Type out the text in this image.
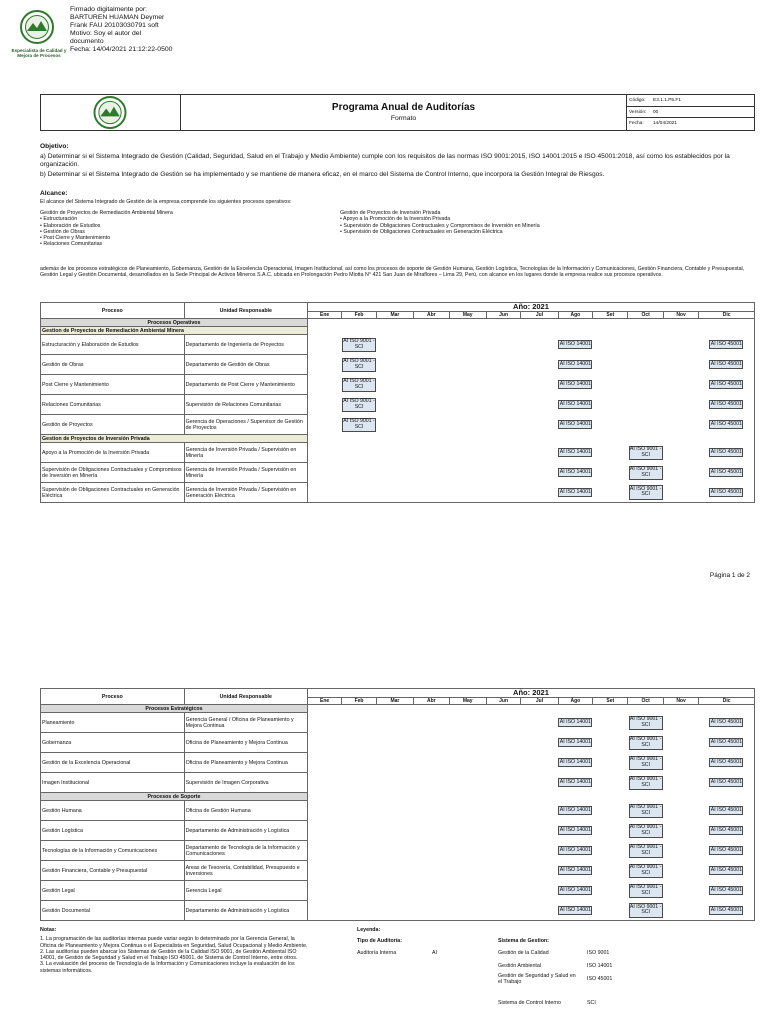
Especialista de Calidad y Mejora de Procesos
Firmado digitalmente por:
BARTUREN HUAMAN Deymer
Frank FAU 20103030791 soft
Motivo: Soy el autor del
documento
Fecha: 14/04/2021 21:12:22-0500
Programa Anual de Auditorías
Formato
Código: E3.1.1.P5.F1
Versión: 00
Fecha: 14/04/2021
Objetivo:
a) Determinar si el Sistema Integrado de Gestión (Calidad, Seguridad, Salud en el Trabajo y Medio Ambiente) cumple con los requisitos de las normas ISO 9001:2015, ISO 14001:2015 e ISO 45001:2018, así como los establecidos por la organización.
b) Determinar si el Sistema Integrado de Gestión se ha implementado y se mantiene de manera eficaz, en el marco del Sistema de Control Interno, que incorpora la Gestión Integral de Riesgos.
Alcance:
El alcance del Sistema Integrado de Gestión de la empresa comprende los siguientes procesos operativos:
Gestión de Proyectos de Remediación Ambiental Minera
• Estructuración
• Elaboración de Estudios
• Gestión de Obras
• Post Cierre y Mantenimiento
• Relaciones Comunitarias
Gestión de Proyectos de Inversión Privada
• Apoyo a la Promoción de la Inversión Privada
• Supervisión de Obligaciones Contractuales y Compromisos de Inversión en Minería
• Supervisión de Obligaciones Contractuales en Generación Eléctrica
además de los procesos estratégicos de Planeamiento, Gobernanza, Gestión de la Excelencia Operacional, Imagen Institucional, así como los procesos de soporte de Gestión Humana, Gestión Logística, Tecnologías de la Información y Comunicaciones, Gestión Financiera, Contable y Presupuestal, Gestión Legal y Gestión Documental, desarrollados en la Sede Principal de Activos Mineros S.A.C. ubicada en Prolongación Pedro Miotta N° 421 San Juan de Miraflores – Lima 29, Perú, con alcance en los lugares donde la empresa realice sus procesos operativos.
Proceso	Unidad Responsable	Año: 2021											
		Ene	Feb	Mar	Abr	May	Jun	Jul	Ago	Set	Oct	Nov	Dic
Procesos Operativos													
Gestion de Proyectos de Remediación Ambiental Minera													
Estructuración y Elaboración de Estudios	Departamento de Ingeniería de Proyectos		AI ISO 9001 - SCI						AI ISO 14001				AI ISO 45001

Gestión de Obras	Departamento de Gestión de Obras		AI ISO 9001 - SCI						AI ISO 14001				AI ISO 45001

Post Cierre y Mantenimiento	Departamento de Post Cierre y Mantenimiento		AI ISO 9001 - SCI						AI ISO 14001				AI ISO 45001

Relaciones Comunitarias	Supervisión de Relaciones Comunitarias		AI ISO 9001 - SCI						AI ISO 14001				AI ISO 45001

Gestión de Proyectos	Gerencia de Operaciones / Supervisor de Gestión de Proyectos		AI ISO 9001 - SCI						AI ISO 14001				AI ISO 45001

Gestion de Proyectos de Inversión Privada													
Apoyo a la Promoción de la Inversión Privada	Gerencia de Inversión Privada / Supervisión en Minería								AI ISO 14001		AI ISO 9001 - SCI		AI ISO 45001

Supervisión de Obligaciones Contractuales y Compromisos de Inversión en Minería	Gerencia de Inversión Privada / Supervisión en Minería								AI ISO 14001		AI ISO 9001 - SCI		AI ISO 45001

Supervisión de Obligaciones Contractuales en Generación Eléctrica	Gerencia de Inversión Privada / Supervisión en Generación Eléctrica								AI ISO 14001		AI ISO 9001 - SCI		AI ISO 45001
Página 1 de 2
Proceso	Unidad Responsable	Año: 2021											
		Ene	Feb	Mar	Abr	May	Jun	Jul	Ago	Set	Oct	Nov	Dic
Procesos Estratégicos													
Planeamiento	Gerencia General / Oficina de Planeamiento y Mejora Continua								AI ISO 14001		AI ISO 9001 - SCI		AI ISO 45001

Gobernanza	Oficina de Planeamiento y Mejora Continua								AI ISO 14001		AI ISO 9001 - SCI		AI ISO 45001

Gestión de la Excelencia Operacional	Oficina de Planeamiento y Mejora Continua								AI ISO 14001		AI ISO 9001 - SCI		AI ISO 45001

Imagen Institucional	Supervisión de Imagen Corporativa								AI ISO 14001		AI ISO 9001 - SCI		AI ISO 45001

Procesos de Soporte													
Gestión Humana	Oficina de Gestión Humana								AI ISO 14001		AI ISO 9001 - SCI		AI ISO 45001

Gestión Logística	Departamento de Administración y Logística								AI ISO 14001		AI ISO 9001 - SCI		AI ISO 45001

Tecnologías de la Información y Comunicaciones	Departamento de Tecnología de la Información y Comunicaciones								AI ISO 14001		AI ISO 9001 - SCI		AI ISO 45001

Gestión Financiera, Contable y Presupuestal	Areas de Tesorería, Contabilidad, Presupuesto e Inversiones								AI ISO 14001		AI ISO 9001 - SCI		AI ISO 45001

Gestión Legal	Gerencia Legal								AI ISO 14001		AI ISO 9001 - SCI		AI ISO 45001

Gestión Documental	Departamento de Administración y Logística								AI ISO 14001		AI ISO 9001 - SCI		AI ISO 45001
Notas:
1. La programación de las auditorías internas puede variar según lo determinado por la Gerencia General, la Oficina de Planeamiento y Mejora Continua o el Especialista en Seguridad, Salud Ocupacional y Medio Ambiente.
2. Las auditorías pueden abarcar los Sistemas de Gestión de la Calidad ISO 9001, de Gestión Ambiental ISO 14001, de Gestión de Seguridad y Salud en el Trabajo ISO 45001, de Sistema de Control Interno, entre otros.
3. La evaluación del proceso de Tecnología de la Información y Comunicaciones incluye la evaluación de los sistemas informáticos.
Leyenda:
Tipo de Auditoría:
Auditoría Interna	AI
Sistema de Gestion:
Gestión de la Calidad	ISO 9001
Gestión Ambiental	ISO 14001
Gestión de Seguridad y Salud en el Trabajo
ISO 45001
Sistema de Control Interno	SCI
